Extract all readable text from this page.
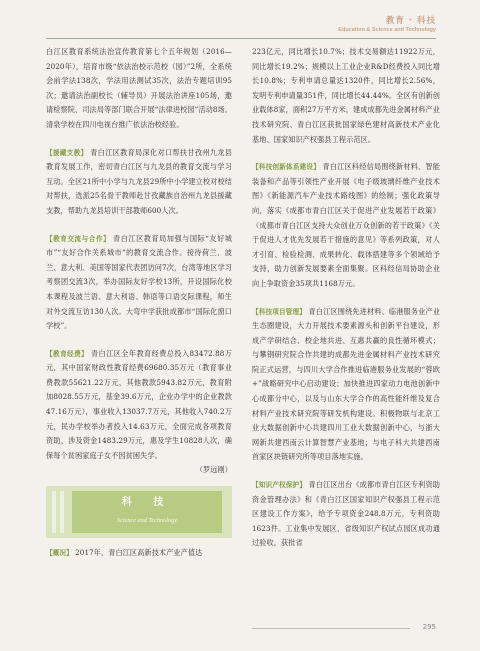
教育 · 科技
Education & Science and Technology

白江区教育系统法治宣传教育第七个五年规划（2016—2020年），培育市级“依法治校示范校（园）”2所，全系统会前学法138次，学法用法测试35次，法治专题培训95次；邀请法治副校长（辅导员）开展法治讲座105场，邀请检察院、司法局等部门联合开展“法律进校园”活动8场。清泉学校在四川电视台推广依法治校经验。

【援藏支教】 青白江区教育局深化对口帮扶甘孜州九龙县教育发展工作，密切青白江区与九龙县的教育交流与学习互动。全区21所中小学与九龙县29所中小学建立校对校结对帮扶，选派25名骨干教师赴甘孜藏族自治州九龙县援藏支教，帮助九龙县培训干部教师600人次。

【教育交流与合作】 青白江区教育局加强与国际“友好城市”“友好合作关系城市”的教育交流合作。接待荷兰、波兰、意大利、美国等国家代表团访问7次，台湾等地区学习考察团交流3次，举办国际友好学校13所，开设国际化校本课程及波兰语、意大利语、韩语等口语交际课程，师生对外交流互访130人次。大弯中学获批成都市“国际化窗口学校”。

【教育经费】 青白江区全年教育经费总投入83472.88万元，其中国家财政性教育经费69680.35万元（教育事业费教款55621.22万元，其他教款5943.82万元，教育附加8028.55万元，基金39.6万元，企业办学中的企业教款47.16万元），事业收入13037.7万元，其他收入740.2万元，民办学校举办者投入14.63万元，全面完成各项教育资助，涉及资金1483.29万元，惠及学生10828人次，确保每个贫困家庭子女不因贫困失学。

（罗远刚）

科 技
Science and Technology

【概况】 2017年，青白江区高新技术产业产值达

223亿元，同比增长10.7%；技术交易额达11922万元，同比增长19.2%；规模以上工业企业R&D经费投入同比增长10.8%；专利申请总量达1320件，同比增长2.56%，发明专利申请量351件，同比增长44.44%。全区有创新创业载体8家，面积27万平方米，建成成都先进金属材料产业技术研究院、青白江区获批国家绿色建材高新技术产业化基地、国家知识产权强县工程示范区。

【科技创新体系建设】 青白江区科经信局围绕新材料、智能装备和产品等引领性产业开展《电子级玻璃纤维产业技术图》《新能源汽车产业技术路线图》的绘制；强化政策导向，落实《成都市青白江区关于促进产业发展若干政策》（成都市青白江区支持大众创业万众创新的若干政策》《关于促进人才优先发展若干措施的意见》等系列政策，对人才引育、检验检测、成果转化、载体搭建等多个领域给予支持，助力创新发展要素全面集聚。区科经信局协助企业向上争取资金35项共1168万元。

【科技项目管理】 青白江区围绕先进材料、临港服务业产业生态圈建设，大力开展技术要素源头和创新平台建设，形成产学研结合、校企地共进、互惠共赢的良性循环模式；与攀钢研究院合作共建的成都先进金属材料产业技术研究院正式运营，与四川大学合作推进临港服务业发展的“蓉欧+”战略研究中心启动建设；加快推进四家动力电池创新中心成都分中心，以及与山东大学合作的高性能纤维及复合材料产业技术研究院等研发机构建设。积极物联与北京工业大数据创新中心共建四川工业大数据创新中心，与浙大网新共建西南云计算智慧产业基地；与电子科大共建西南首家区块链研究所等项目落地实施。

【知识产权保护】 青白江区出台《成都市青白江区专利资助资金管理办法》和《青白江区国家知识产权强县工程示范区建设工作方案》，给予专项资金248.8万元，专利资助1623件。工业集中发展区、省级知识产权试点园区成功通过验收，获批省

295
